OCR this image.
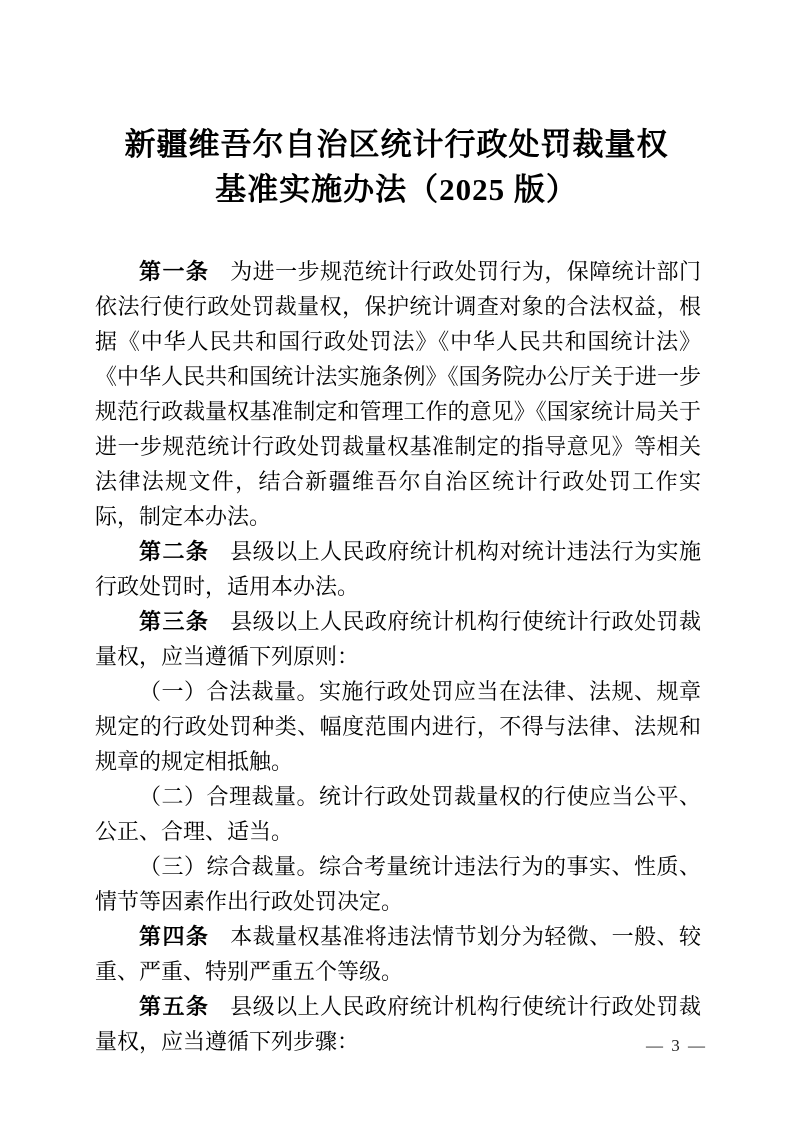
新疆维吾尔自治区统计行政处罚裁量权
基准实施办法（2025 版）

第一条 为进一步规范统计行政处罚行为，保障统计部门依法行使行政处罚裁量权，保护统计调查对象的合法权益，根据《中华人民共和国行政处罚法》《中华人民共和国统计法》《中华人民共和国统计法实施条例》《国务院办公厅关于进一步规范行政裁量权基准制定和管理工作的意见》《国家统计局关于进一步规范统计行政处罚裁量权基准制定的指导意见》等相关法律法规文件，结合新疆维吾尔自治区统计行政处罚工作实际，制定本办法。

第二条 县级以上人民政府统计机构对统计违法行为实施行政处罚时，适用本办法。

第三条 县级以上人民政府统计机构行使统计行政处罚裁量权，应当遵循下列原则：

（一）合法裁量。实施行政处罚应当在法律、法规、规章规定的行政处罚种类、幅度范围内进行，不得与法律、法规和规章的规定相抵触。

（二）合理裁量。统计行政处罚裁量权的行使应当公平、公正、合理、适当。

（三）综合裁量。综合考量统计违法行为的事实、性质、情节等因素作出行政处罚决定。

第四条 本裁量权基准将违法情节划分为轻微、一般、较重、严重、特别严重五个等级。

第五条 县级以上人民政府统计机构行使统计行政处罚裁量权，应当遵循下列步骤：	— 3 —
